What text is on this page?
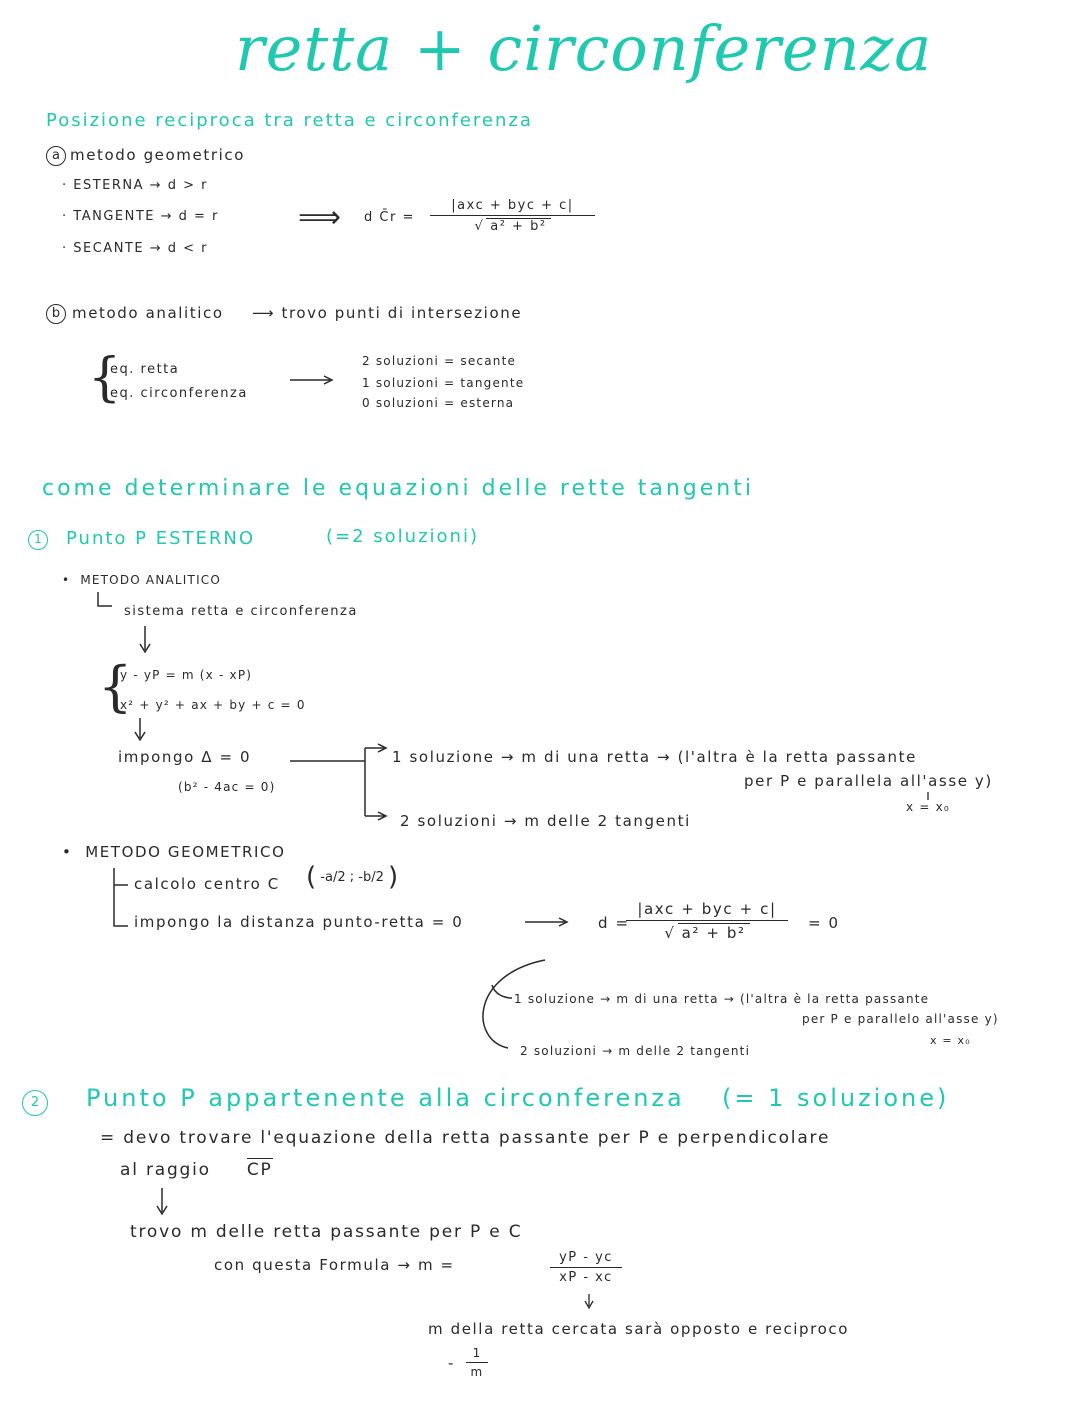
retta + circonferenza
Posizione reciproca tra retta e circonferenza
a metodo geometrico
· ESTERNA → d > r
· TANGENTE → d = r
· SECANTE → d < r
⟹ d C̄r =
|axc + byc + c|
√ a² + b²
b metodo analitico ⟶ trovo punti di intersezione
{
eq. retta
eq. circonferenza
2 soluzioni = secante
1 soluzioni = tangente
0 soluzioni = esterna
come determinare le equazioni delle rette tangenti
1	Punto P ESTERNO	(=2 soluzioni)
•  METODO ANALITICO
sistema retta e circonferenza
{
y - yP = m (x - xP)
x² + y² + ax + by + c = 0
impongo Δ = 0
(b² - 4ac = 0)
1 soluzione → m di una retta → (l'altra è la retta passante
per P e parallela all'asse y)
x = x₀
2 soluzioni → m delle 2 tangenti
•  METODO GEOMETRICO
calcolo centro C ( -a/2 ; -b/2 )
impongo la distanza punto-retta = 0	d =
|axc + byc + c|
√ a² + b²
= 0
1 soluzione → m di una retta → (l'altra è la retta passante
per P e parallelo all'asse y)
x = x₀
2 soluzioni → m delle 2 tangenti
2	Punto P appartenente alla circonferenza (= 1 soluzione)
= devo trovare l'equazione della retta passante per P e perpendicolare
al raggio CP
trovo m delle retta passante per P e C
con questa Formula → m =	$\frac{yP - yc}{xP - xc}$
m della retta cercata sarà opposto e reciproco
- $\frac{1}{m}$
